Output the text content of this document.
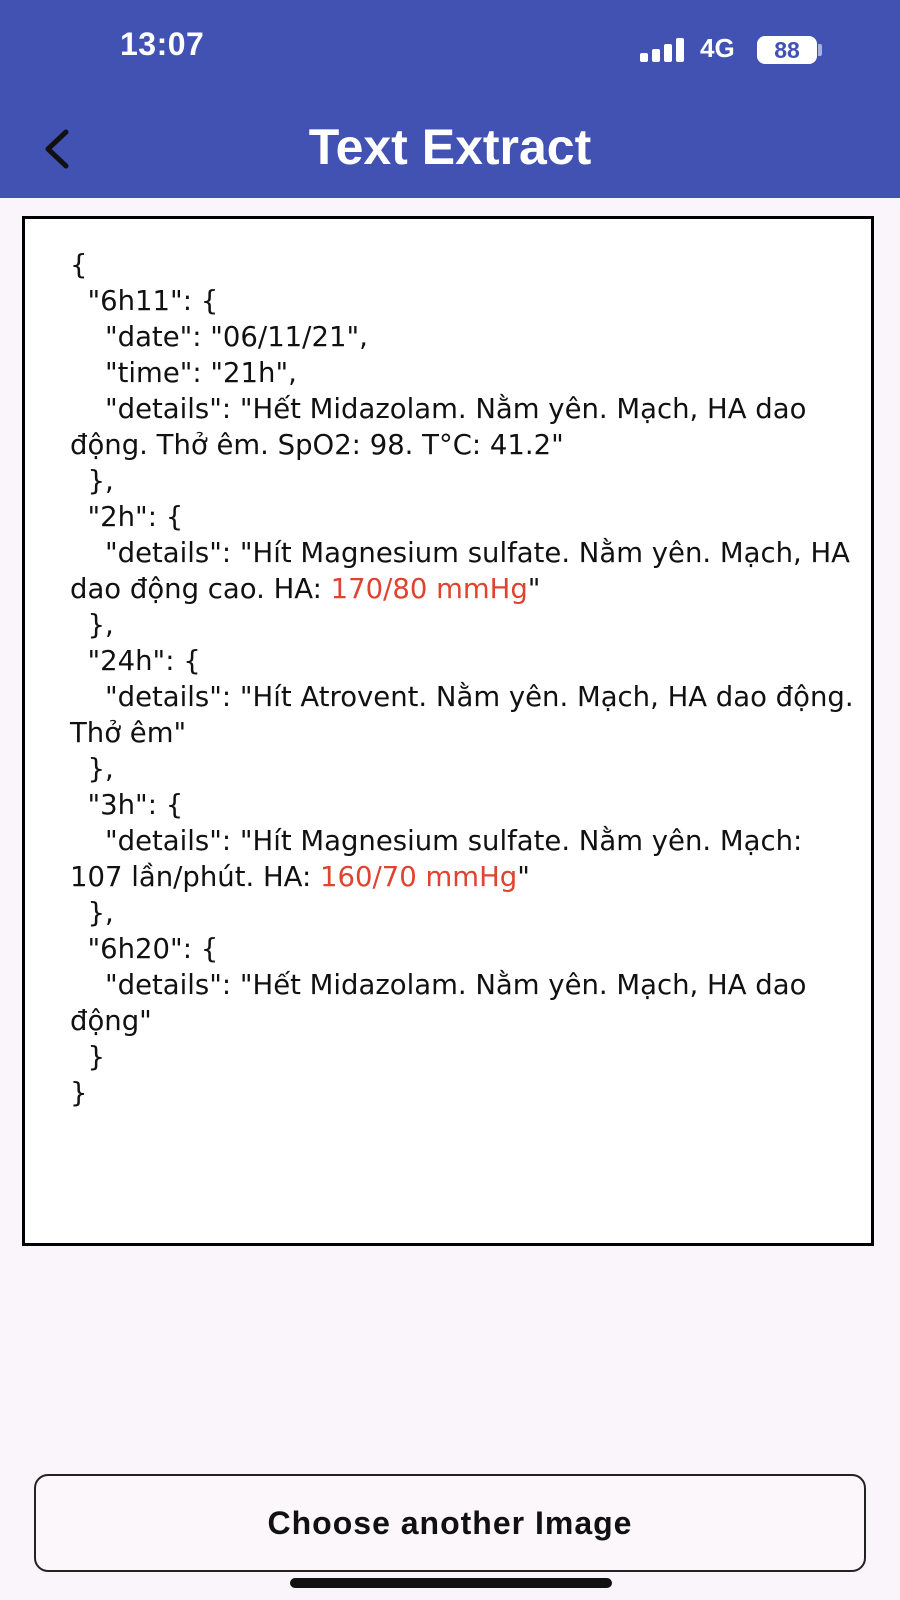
13:07	4G	88
Text Extract
{
"6h11": {
"date": "06/11/21",
"time": "21h",
"details": "Hết Midazolam. Nằm yên. Mạch, HA dao động. Thở êm. SpO2: 98. T°C: 41.2"
},
"2h": {
"details": "Hít Magnesium sulfate. Nằm yên. Mạch, HA dao động cao. HA: 170/80 mmHg"
},
"24h": {
"details": "Hít Atrovent. Nằm yên. Mạch, HA dao động. Thở êm"
},
"3h": {
"details": "Hít Magnesium sulfate. Nằm yên. Mạch: 107 lần/phút. HA: 160/70 mmHg"
},
"6h20": {
"details": "Hết Midazolam. Nằm yên. Mạch, HA dao động"
}
}
Choose another Image
